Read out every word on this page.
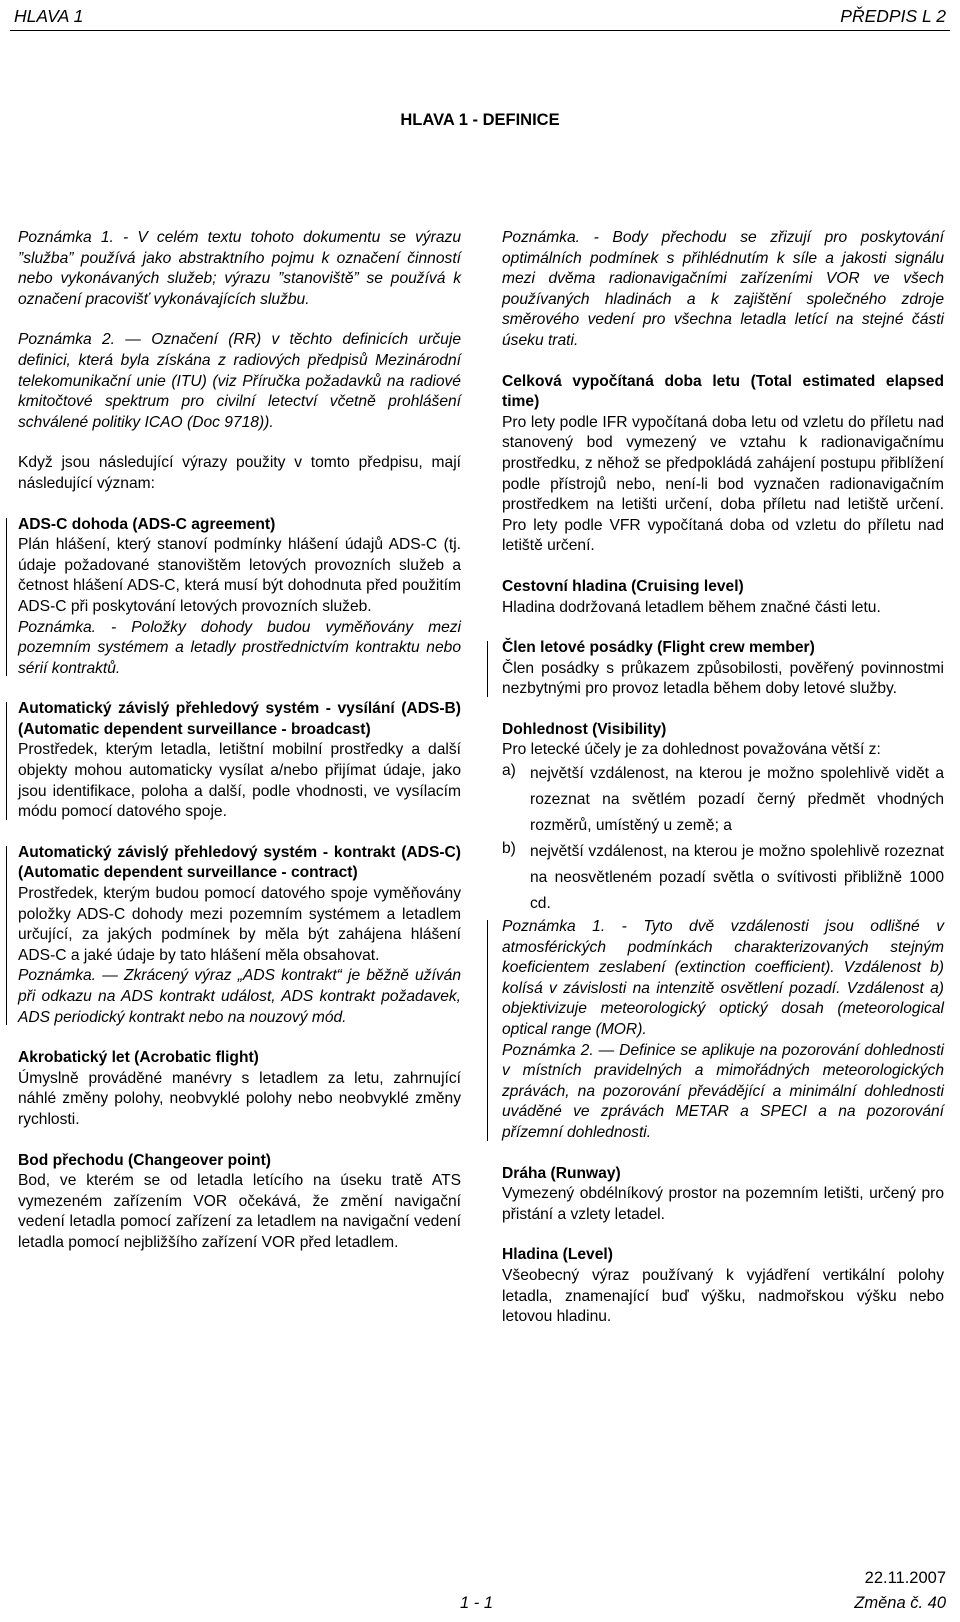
HLAVA 1	PŘEDPIS L 2
HLAVA 1 - DEFINICE

Poznámka 1. - V celém textu tohoto dokumentu se výrazu ”služba” používá jako abstraktního pojmu k označení činností nebo vykonávaných služeb; výrazu ”stanoviště” se používá k označení pracovišť vykonávajících službu.

Poznámka 2. — Označení (RR) v těchto definicích určuje definici, která byla získána z radiových předpisů Mezinárodní telekomunikační unie (ITU) (viz Příručka požadavků na radiové kmitočtové spektrum pro civilní letectví včetně prohlášení schválené politiky ICAO (Doc 9718)).

Když jsou následující výrazy použity v tomto předpisu, mají následující význam:

ADS-C dohoda (ADS-C agreement)

Plán hlášení, který stanoví podmínky hlášení údajů ADS-C (tj. údaje požadované stanovištěm letových provozních služeb a četnost hlášení ADS-C, která musí být dohodnuta před použitím ADS-C při poskytování letových provozních služeb.

Poznámka. - Položky dohody budou vyměňovány mezi pozemním systémem a letadly prostřednictvím kontraktu nebo sérií kontraktů.

Automatický závislý přehledový systém - vysílání (ADS-B) (Automatic dependent surveillance - broadcast)

Prostředek, kterým letadla, letištní mobilní prostředky a další objekty mohou automaticky vysílat a/nebo přijímat údaje, jako jsou identifikace, poloha a další, podle vhodnosti, ve vysílacím módu pomocí datového spoje.

Automatický závislý přehledový systém - kontrakt (ADS-C) (Automatic dependent surveillance - contract)

Prostředek, kterým budou pomocí datového spoje vyměňovány položky ADS-C dohody mezi pozemním systémem a letadlem určující, za jakých podmínek by měla být zahájena hlášení ADS-C a jaké údaje by tato hlášení měla obsahovat.

Poznámka. — Zkrácený výraz „ADS kontrakt“ je běžně užíván při odkazu na ADS kontrakt událost, ADS kontrakt požadavek, ADS periodický kontrakt nebo na nouzový mód.

Akrobatický let (Acrobatic flight)

Úmyslně prováděné manévry s letadlem za letu, zahrnující náhlé změny polohy, neobvyklé polohy nebo neobvyklé změny rychlosti.

Bod přechodu (Changeover point)

Bod, ve kterém se od letadla letícího na úseku tratě ATS vymezeném zařízením VOR očekává, že změní navigační vedení letadla pomocí zařízení za letadlem na navigační vedení letadla pomocí nejbližšího zařízení VOR před letadlem.

Poznámka. - Body přechodu se zřizují pro poskytování optimálních podmínek s přihlédnutím k síle a jakosti signálu mezi dvěma radionavigačními zařízeními VOR ve všech používaných hladinách a k zajištění společného zdroje směrového vedení pro všechna letadla letící na stejné části úseku trati.

Celková vypočítaná doba letu (Total estimated elapsed time)

Pro lety podle IFR vypočítaná doba letu od vzletu do příletu nad stanovený bod vymezený ve vztahu k radionavigačnímu prostředku, z něhož se předpokládá zahájení postupu přiblížení podle přístrojů nebo, není-li bod vyznačen radionavigačním prostředkem na letišti určení, doba příletu nad letiště určení. Pro lety podle VFR vypočítaná doba od vzletu do příletu nad letiště určení.

Cestovní hladina (Cruising level)

Hladina dodržovaná letadlem během značné části letu.

Člen letové posádky (Flight crew member)

Člen posádky s průkazem způsobilosti, pověřený povinnostmi nezbytnými pro provoz letadla během doby letové služby.

Dohlednost (Visibility)

Pro letecké účely je za dohlednost považována větší z:

a) největší vzdálenost, na kterou je možno spolehlivě vidět a rozeznat na světlém pozadí černý předmět vhodných rozměrů, umístěný u země; a

b) největší vzdálenost, na kterou je možno spolehlivě rozeznat na neosvětleném pozadí světla o svítivosti přibližně 1000 cd.

Poznámka 1. - Tyto dvě vzdálenosti jsou odlišné v atmosférických podmínkách charakterizovaných stejným koeficientem zeslabení (extinction coefficient). Vzdálenost b) kolísá v závislosti na intenzitě osvětlení pozadí. Vzdálenost a) objektivizuje meteorologický optický dosah (meteorological optical range (MOR).

Poznámka 2. — Definice se aplikuje na pozorování dohlednosti v místních pravidelných a mimořádných meteorologických zprávách, na pozorování převádějící a minimální dohlednosti uváděné ve zprávách METAR a SPECI a na pozorování přízemní dohlednosti.

Dráha (Runway)

Vymezený obdélníkový prostor na pozemním letišti, určený pro přistání a vzlety letadel.

Hladina (Level)

Všeobecný výraz používaný k vyjádření vertikální polohy letadla, znamenající buď výšku, nadmořskou výšku nebo letovou hladinu.

22.11.2007
1 - 1	Změna č. 40
